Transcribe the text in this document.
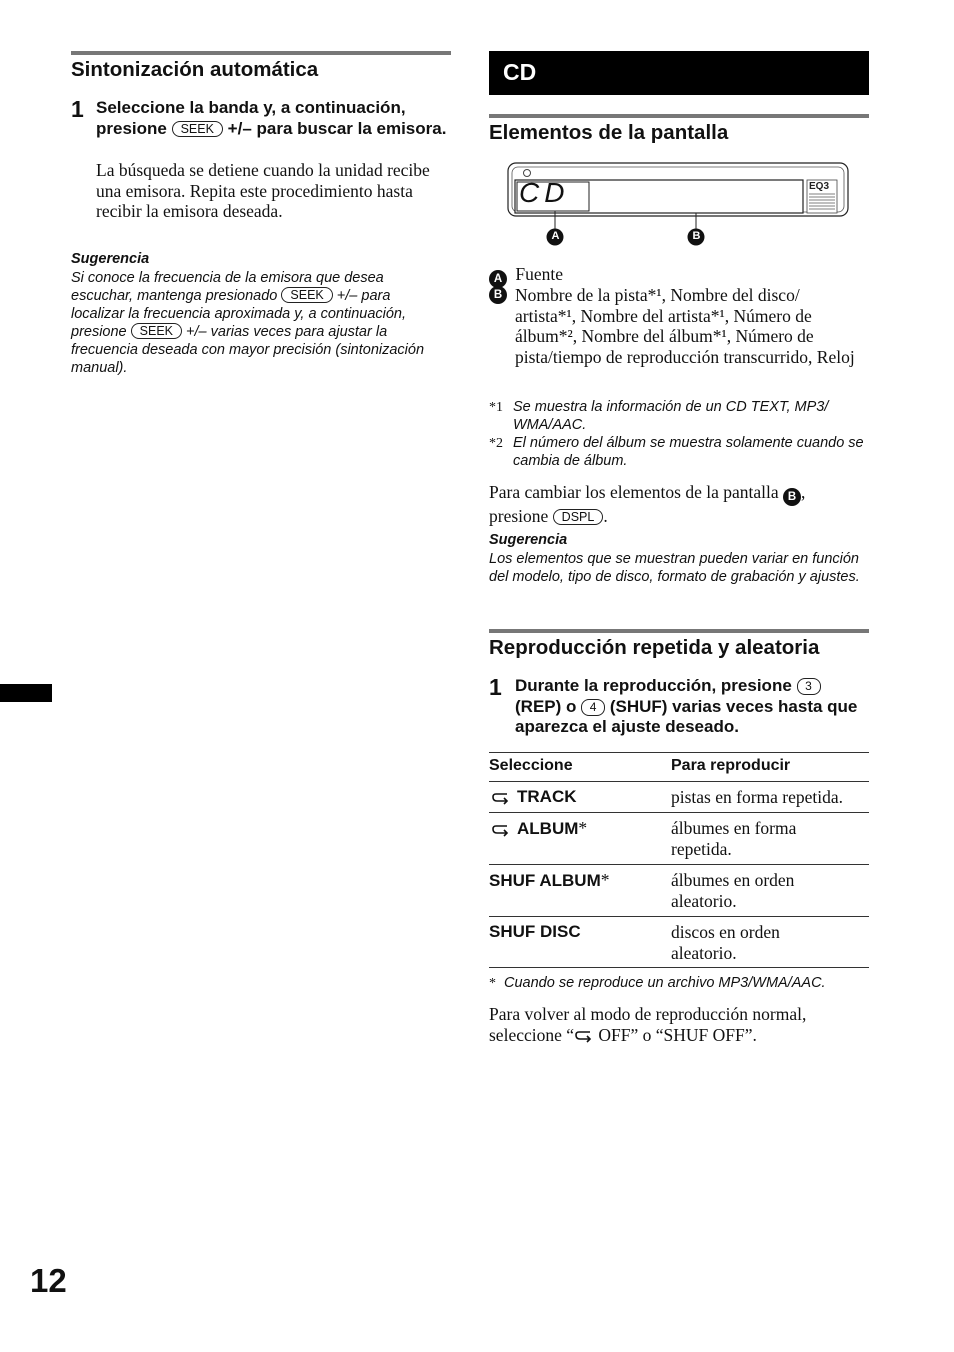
Sintonización automática
1 Seleccione la banda y, a continuación, presione SEEK +/– para buscar la emisora.
La búsqueda se detiene cuando la unidad recibe una emisora. Repita este procedimiento hasta recibir la emisora deseada.
Sugerencia
Si conoce la frecuencia de la emisora que desea escuchar, mantenga presionado SEEK +/– para localizar la frecuencia aproximada y, a continuación, presione SEEK +/– varias veces para ajustar la frecuencia deseada con mayor precisión (sintonización manual).
12
CD
Elementos de la pantalla
CD	EQ3
A	B
A Fuente
B Nombre de la pista*¹, Nombre del disco/ artista*¹, Nombre del artista*¹, Número de álbum*², Nombre del álbum*¹, Número de pista/tiempo de reproducción transcurrido, Reloj
*1 Se muestra la información de un CD TEXT, MP3/ WMA/AAC.
*2 El número del álbum se muestra solamente cuando se cambia de álbum.
Para cambiar los elementos de la pantalla B , presione DSPL .
Sugerencia
Los elementos que se muestran pueden variar en función del modelo, tipo de disco, formato de grabación y ajustes.
Reproducción repetida y aleatoria
1 Durante la reproducción, presione 3 (REP) o 4 (SHUF) varias veces hasta que aparezca el ajuste deseado.
Seleccione	Para reproducir
TRACK	pistas en forma repetida.
ALBUM*	álbumes en forma repetida.
SHUF ALBUM*	álbumes en orden aleatorio.
SHUF DISC	discos en orden aleatorio.
* Cuando se reproduce un archivo MP3/WMA/AAC.
Para volver al modo de reproducción normal, seleccione “ OFF” o “SHUF OFF”.
